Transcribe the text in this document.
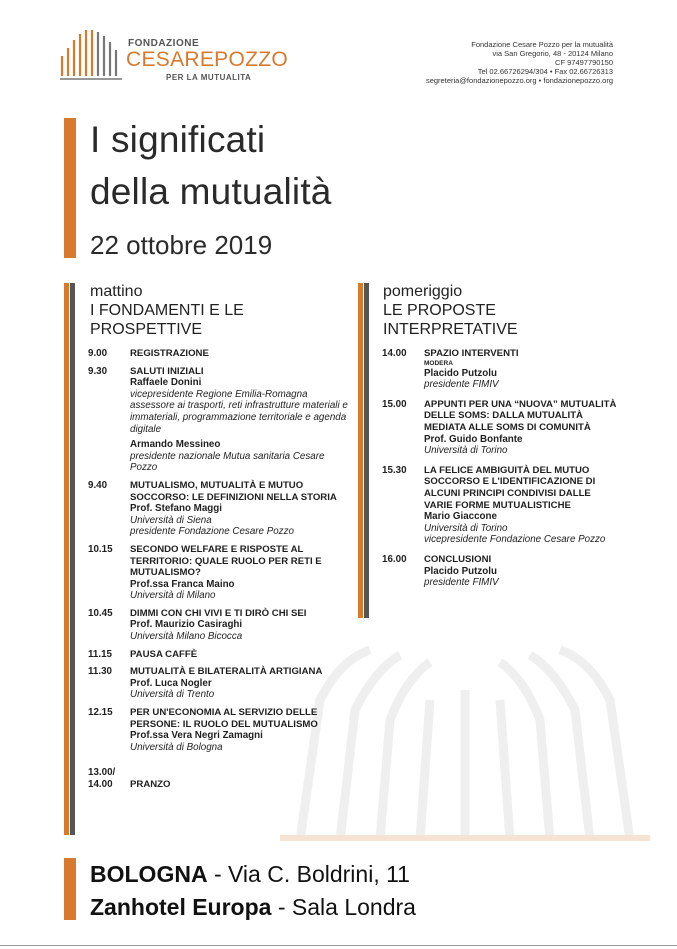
FONDAZIONE
CESAREPOZZO
PER LA MUTUALITA
Fondazione Cesare Pozzo per la mutualità
via San Gregorio, 48 - 20124 Milano
CF 97497790150
Tel 02.66726294/304 • Fax 02.66726313
segreteria@fondazionepozzo.org • fondazionepozzo.org
I significati
della mutualità
22 ottobre 2019
mattino
I FONDAMENTI E LE
PROSPETTIVE
pomeriggio
LE PROPOSTE
INTERPRETATIVE
9.00 REGISTRAZIONE
9.30 SALUTI INIZIALI
Raffaele Donini
vicepresidente Regione Emilia-Romagna
assessore ai trasporti, reti infrastrutture materiali e immateriali, programmazione territoriale e agenda digitale
Armando Messineo
presidente nazionale Mutua sanitaria Cesare Pozzo
9.40 MUTUALISMO, MUTUALITÀ E MUTUO SOCCORSO: LE DEFINIZIONI NELLA STORIA
Prof. Stefano Maggi
Università di Siena
presidente Fondazione Cesare Pozzo
10.15 SECONDO WELFARE E RISPOSTE AL TERRITORIO: QUALE RUOLO PER RETI E MUTUALISMO?
Prof.ssa Franca Maino
Università di Milano
10.45 DIMMI CON CHI VIVI E TI DIRÒ CHI SEI
Prof. Maurizio Casiraghi
Università Milano Bicocca
11.15 PAUSA CAFFÈ
11.30 MUTUALITÀ E BILATERALITÀ ARTIGIANA
Prof. Luca Nogler
Università di Trento
12.15 PER UN'ECONOMIA AL SERVIZIO DELLE PERSONE: IL RUOLO DEL MUTUALISMO
Prof.ssa Vera Negri Zamagni
Università di Bologna
13.00/
PRANZO
14.00
14.00 SPAZIO INTERVENTI
MODERA
Placido Putzolu
presidente FIMIV
15.00 APPUNTI PER UNA “NUOVA” MUTUALITÀ DELLE SOMS: DALLA MUTUALITÀ MEDIATA ALLE SOMS DI COMUNITÀ
Prof. Guido Bonfante
Università di Torino
15.30 LA FELICE AMBIGUITÀ DEL MUTUO SOCCORSO E L'IDENTIFICAZIONE DI ALCUNI PRINCIPI CONDIVISI DALLE VARIE FORME MUTUALISTICHE
Mario Giaccone
Università di Torino
vicepresidente Fondazione Cesare Pozzo
16.00 CONCLUSIONI
Placido Putzolu
presidente FIMIV
BOLOGNA - Via C. Boldrini, 11
Zanhotel Europa - Sala Londra
